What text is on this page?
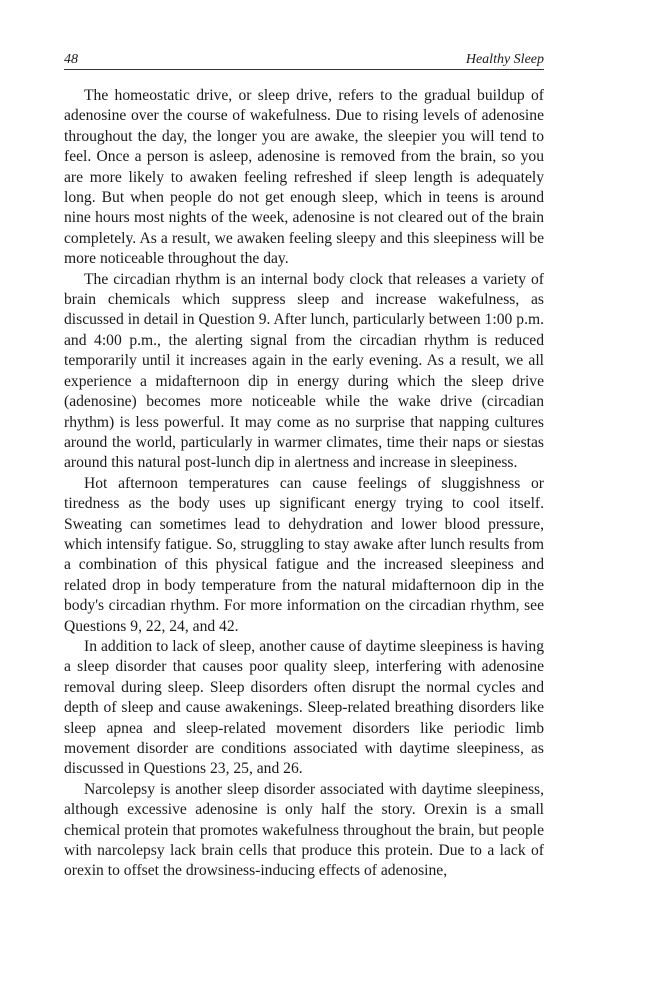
48	Healthy Sleep

The homeostatic drive, or sleep drive, refers to the gradual buildup of adenosine over the course of wakefulness. Due to rising levels of adenosine throughout the day, the longer you are awake, the sleepier you will tend to feel. Once a person is asleep, adenosine is removed from the brain, so you are more likely to awaken feeling refreshed if sleep length is adequately long. But when people do not get enough sleep, which in teens is around nine hours most nights of the week, adenosine is not cleared out of the brain completely. As a result, we awaken feeling sleepy and this sleepiness will be more noticeable throughout the day.

The circadian rhythm is an internal body clock that releases a variety of brain chemicals which suppress sleep and increase wakefulness, as discussed in detail in Question 9. After lunch, particularly between 1:00 p.m. and 4:00 p.m., the alerting signal from the circadian rhythm is reduced temporarily until it increases again in the early evening. As a result, we all experience a midafternoon dip in energy during which the sleep drive (adenosine) becomes more noticeable while the wake drive (circadian rhythm) is less powerful. It may come as no surprise that napping cultures around the world, particularly in warmer climates, time their naps or siestas around this natural post-lunch dip in alertness and increase in sleepiness.

Hot afternoon temperatures can cause feelings of sluggishness or tiredness as the body uses up significant energy trying to cool itself. Sweating can sometimes lead to dehydration and lower blood pressure, which intensify fatigue. So, struggling to stay awake after lunch results from a combination of this physical fatigue and the increased sleepiness and related drop in body temperature from the natural midafternoon dip in the body's circadian rhythm. For more information on the circadian rhythm, see Questions 9, 22, 24, and 42.

In addition to lack of sleep, another cause of daytime sleepiness is having a sleep disorder that causes poor quality sleep, interfering with adenosine removal during sleep. Sleep disorders often disrupt the normal cycles and depth of sleep and cause awakenings. Sleep-related breathing disorders like sleep apnea and sleep-related movement disorders like periodic limb movement disorder are conditions associated with daytime sleepiness, as discussed in Questions 23, 25, and 26.

Narcolepsy is another sleep disorder associated with daytime sleepiness, although excessive adenosine is only half the story. Orexin is a small chemical protein that promotes wakefulness throughout the brain, but people with narcolepsy lack brain cells that produce this protein. Due to a lack of orexin to offset the drowsiness-inducing effects of adenosine,
